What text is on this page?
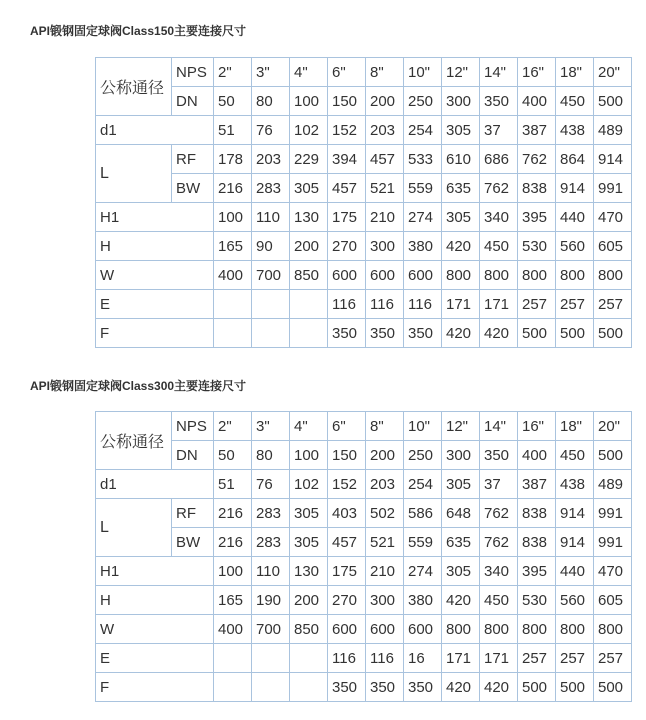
API锻钢固定球阀Class150主要连接尺寸
公称通径	NPS	2"	3"	4"	6"	8"	10"	12"	14"	16"	18"	20"
	DN	50	80	100	150	200	250	300	350	400	450	500
d1		51	76	102	152	203	254	305	37	387	438	489
L	RF	178	203	229	394	457	533	610	686	762	864	914
	BW	216	283	305	457	521	559	635	762	838	914	991
H1		100	110	130	175	210	274	305	340	395	440	470
H		165	90	200	270	300	380	420	450	530	560	605
W		400	700	850	600	600	600	800	800	800	800	800
E					116	116	116	171	171	257	257	257
F					350	350	350	420	420	500	500	500
API锻钢固定球阀Class300主要连接尺寸
公称通径	NPS	2"	3"	4"	6"	8"	10"	12"	14"	16"	18"	20"
	DN	50	80	100	150	200	250	300	350	400	450	500
d1		51	76	102	152	203	254	305	37	387	438	489
L	RF	216	283	305	403	502	586	648	762	838	914	991
	BW	216	283	305	457	521	559	635	762	838	914	991
H1		100	110	130	175	210	274	305	340	395	440	470
H		165	190	200	270	300	380	420	450	530	560	605
W		400	700	850	600	600	600	800	800	800	800	800
E					116	116	16	171	171	257	257	257
F					350	350	350	420	420	500	500	500
